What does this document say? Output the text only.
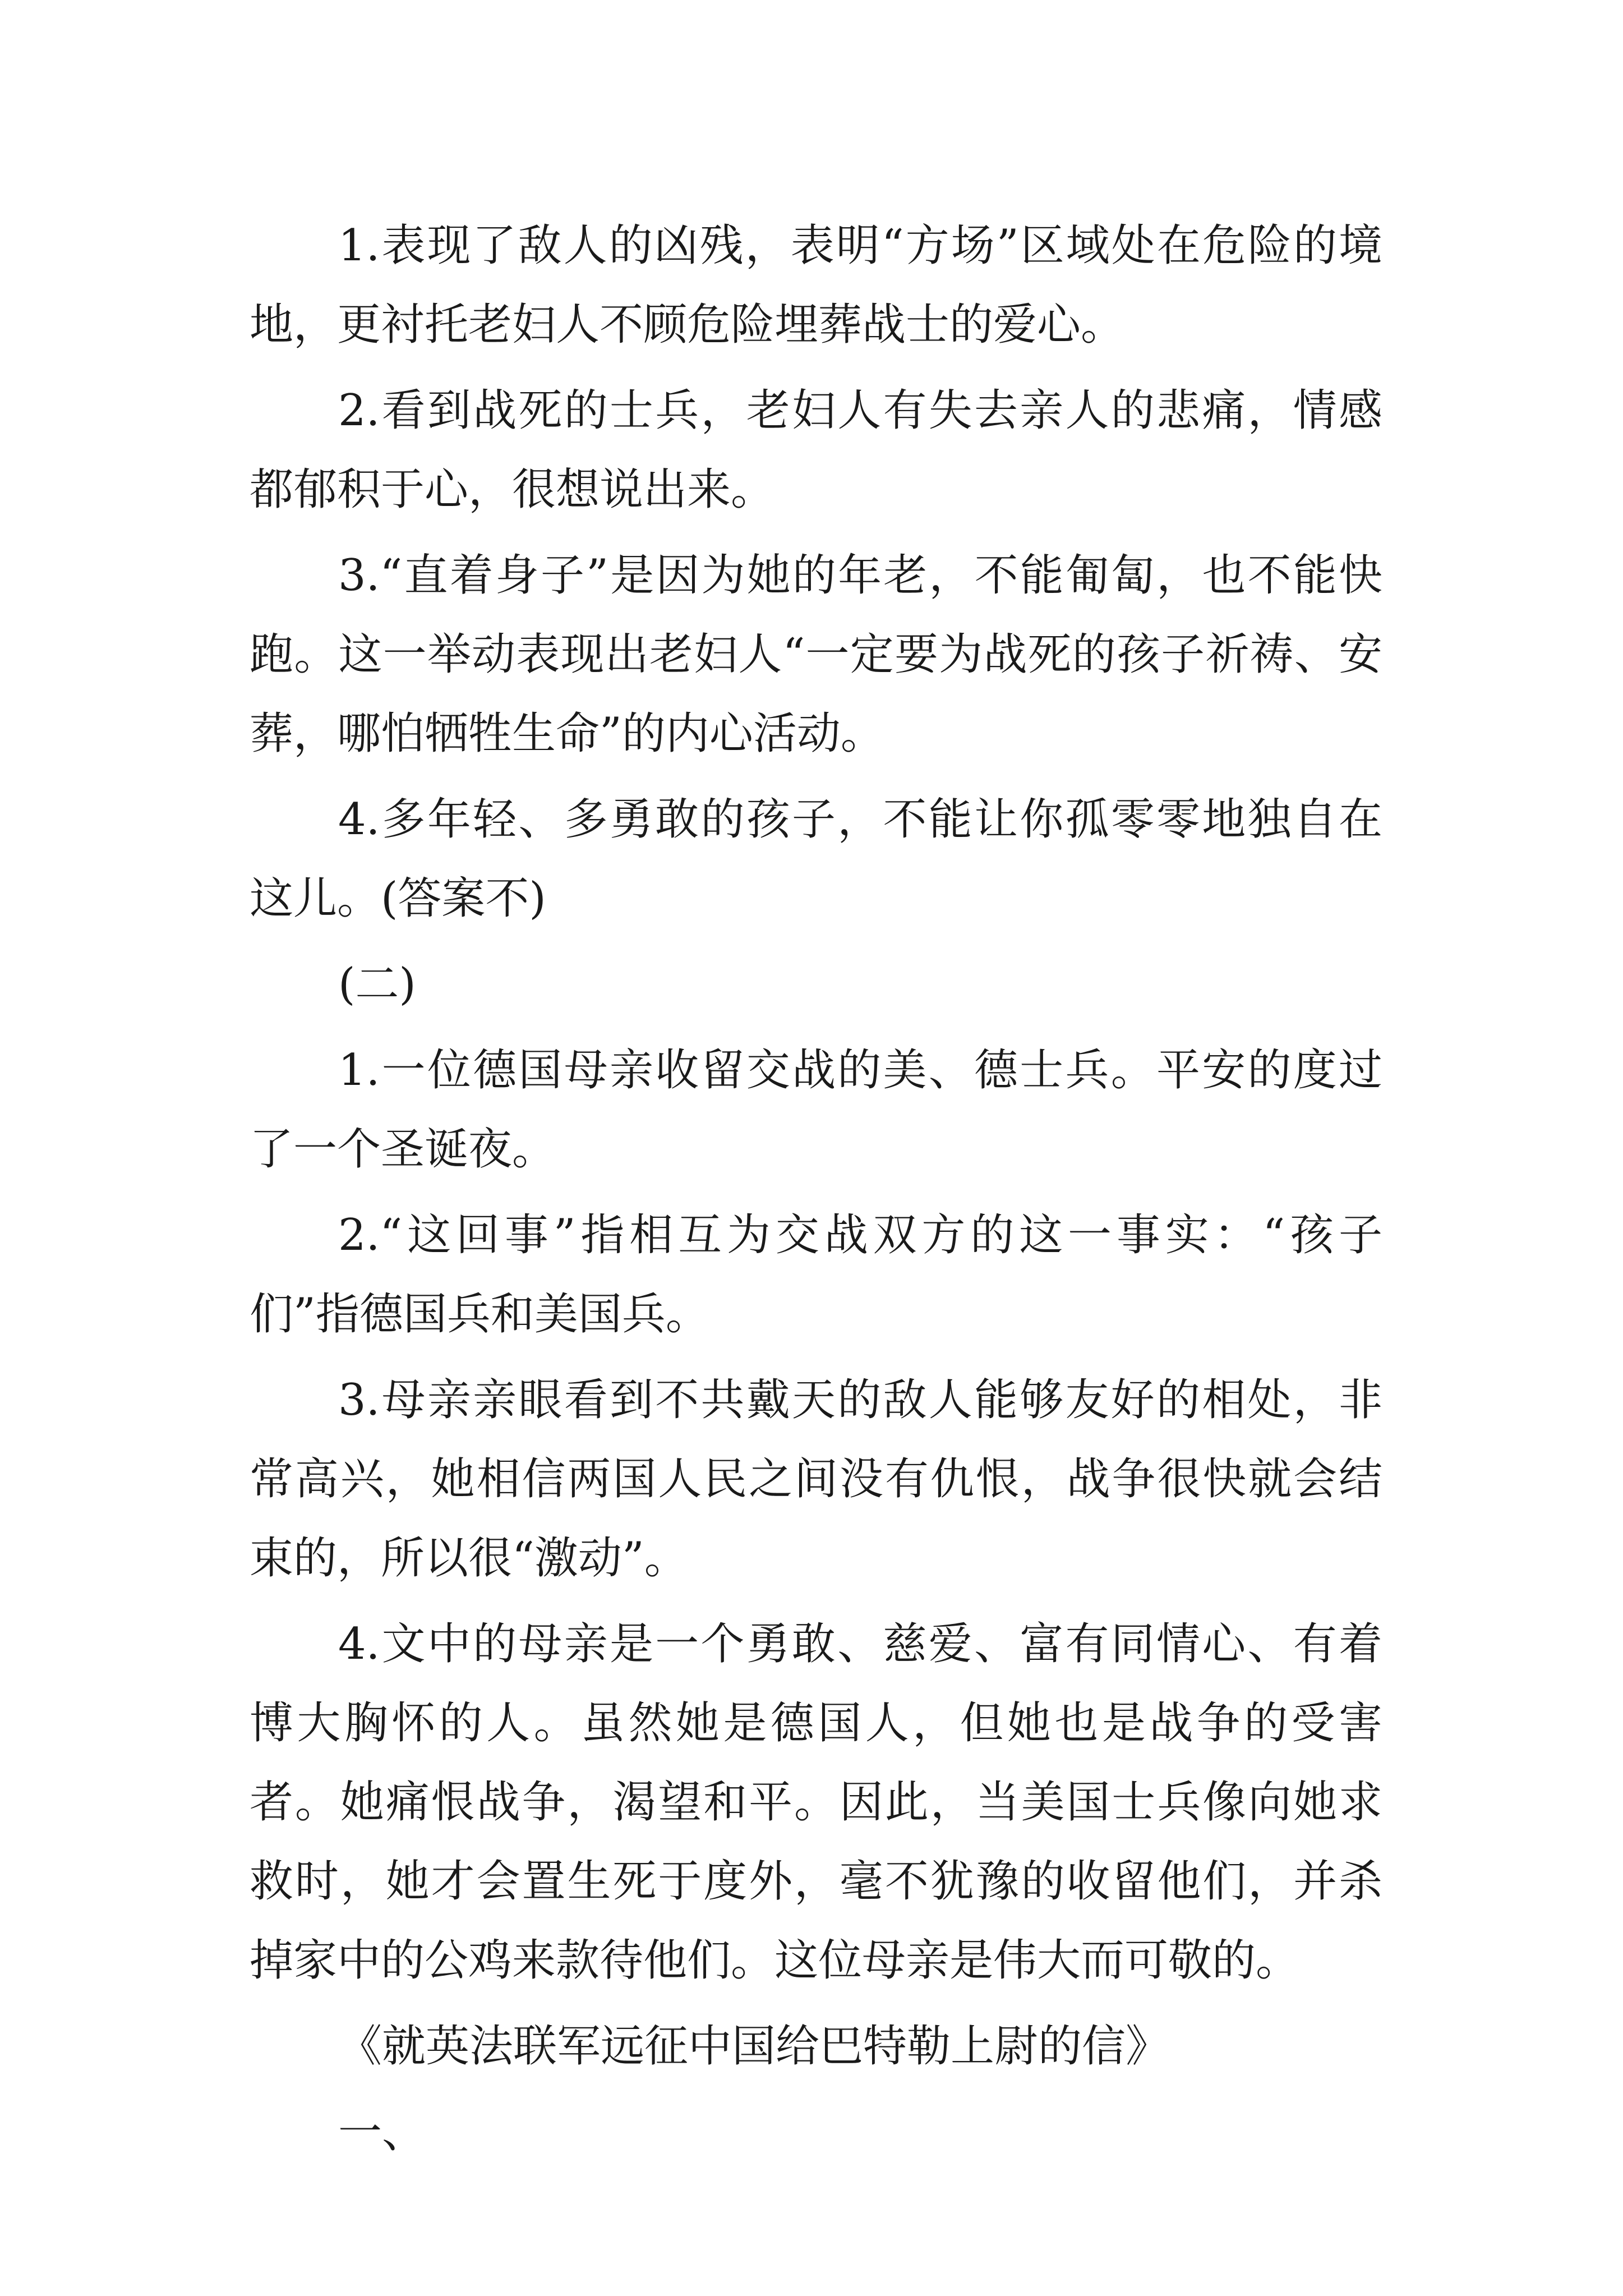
1.表现了敌人的凶残，表明“方场”区域处在危险的境地，更衬托老妇人不顾危险埋葬战士的爱心。

2.看到战死的士兵，老妇人有失去亲人的悲痛，情感都郁积于心，很想说出来。

3.“直着身子”是因为她的年老，不能匍匐，也不能快跑。这一举动表现出老妇人“一定要为战死的孩子祈祷、安葬，哪怕牺牲生命”的内心活动。

4.多年轻、多勇敢的孩子，不能让你孤零零地独自在这儿。(答案不)

(二)

1.一位德国母亲收留交战的美、德士兵。平安的度过了一个圣诞夜。

2.“这回事”指相互为交战双方的这一事实：“孩子们”指德国兵和美国兵。

3.母亲亲眼看到不共戴天的敌人能够友好的相处，非常高兴，她相信两国人民之间没有仇恨，战争很快就会结束的，所以很“激动”。

4.文中的母亲是一个勇敢、慈爱、富有同情心、有着博大胸怀的人。虽然她是德国人，但她也是战争的受害者。她痛恨战争，渴望和平。因此，当美国士兵像向她求救时，她才会置生死于度外，毫不犹豫的收留他们，并杀掉家中的公鸡来款待他们。这位母亲是伟大而可敬的。

《就英法联军远征中国给巴特勒上尉的信》

一、
